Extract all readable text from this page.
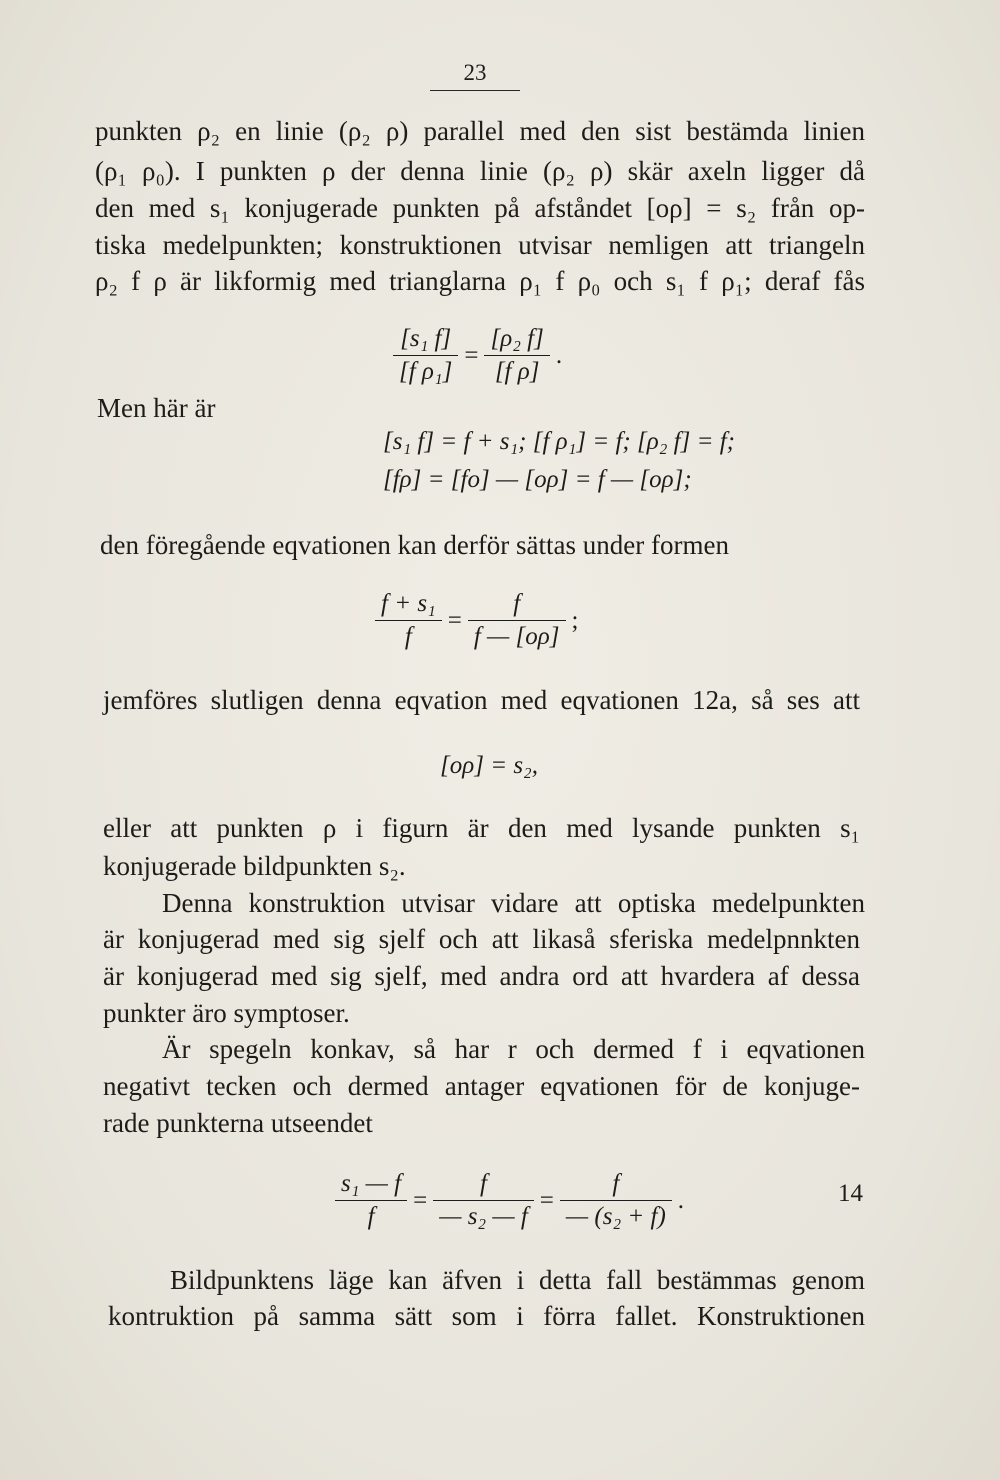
23
punkten ρ₂ en linie (ρ₂ ρ) parallel med den sist bestämda linien
(ρ₁ ρ₀). I punkten ρ der denna linie (ρ₂ ρ) skär axeln ligger då
den med s₁ konjugerade punkten på afståndet [oρ] = s₂ från op-
tiska medelpunkten; konstruktionen utvisar nemligen att triangeln
ρ₂ f ρ är likformig med trianglarna ρ₁ f ρ₀ och s₁ f ρ₁; deraf fås
$\frac{\text{[s₁ f]}}{\text{[f ρ₁]}} = \frac{\text{[ρ₂ f]}}{\text{[f ρ]}}$ .
Men här är
[s₁ f] = f + s₁; [f ρ₁] = f; [ρ₂ f] = f;
[fρ] = [fo] — [oρ] = f — [oρ];
den föregående eqvationen kan derför sättas under formen
$\frac{\text{f + s₁}}{f} = \frac{f}{f — [o\rho]}$ ;
jemföres slutligen denna eqvation med eqvationen 12a, så ses att
[oρ] = s₂,
eller att punkten ρ i figurn är den med lysande punkten s₁
konjugerade bildpunkten s₂.
Denna konstruktion utvisar vidare att optiska medelpunkten
är konjugerad med sig sjelf och att likaså sferiska medelpnnkten
är konjugerad med sig sjelf, med andra ord att hvardera af dessa
punkter äro symptoser.
Är spegeln konkav, så har r och dermed f i eqvationen
negativt tecken och dermed antager eqvationen för de konjuge-
rade punkterna utseendet
$\frac{\text{s₁ — f}}{f} = \frac{f}{\text{— s₂ — f}} = \frac{f}{\text{— (s₂ + f)}}$ .	14
Bildpunktens läge kan äfven i detta fall bestämmas genom
kontruktion på samma sätt som i förra fallet. Konstruktionen
